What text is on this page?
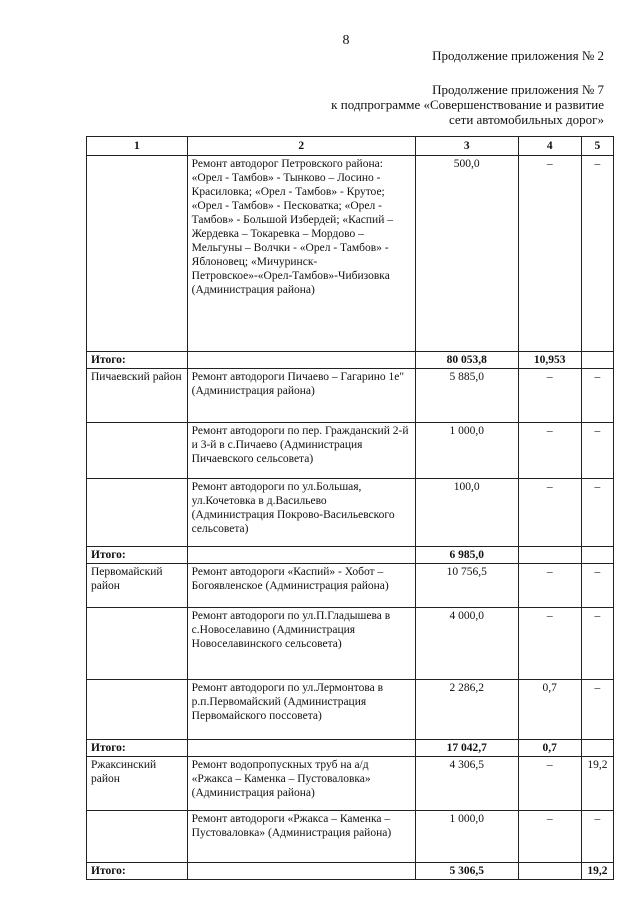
8
Продолжение приложения № 2
Продолжение приложения № 7
к подпрограмме «Совершенствование и развитие
сети автомобильных дорог»
1	2	3	4	5
	Ремонт автодорог Петровского района: «Орел - Тамбов» - Тынково – Лосино - Красиловка; «Орел - Тамбов» - Крутое; «Орел - Тамбов» - Песковатка; «Орел - Тамбов» - Большой Избердей; «Каспий – Жердевка – Токаревка – Мордово – Мельгуны – Волчки - «Орел - Тамбов» - Яблоновец; «Мичуринск-Петровское»-«Орел-Тамбов»-Чибизовка (Администрация района)	500,0	–	–
Итого:		80 053,8	10,953	
Пичаевский район	Ремонт автодороги Пичаево – Гагарино 1е" (Администрация района)	5 885,0	–	–
	Ремонт автодороги по пер. Гражданский 2-й и 3-й в с.Пичаево (Администрация Пичаевского сельсовета)	1 000,0	–	–
	Ремонт автодороги по ул.Большая, ул.Кочетовка в д.Васильево (Администрация Покрово-Васильевского сельсовета)	100,0	–	–
Итого:		6 985,0		
Первомайский район	Ремонт автодороги «Каспий» - Хобот – Богоявленское (Администрация района)	10 756,5	–	–
	Ремонт автодороги по ул.П.Гладышева в с.Новоселавино (Администрация Новоселавинского сельсовета)	4 000,0	–	–
	Ремонт автодороги по ул.Лермонтова в р.п.Первомайский (Администрация Первомайского поссовета)	2 286,2	0,7	–
Итого:		17 042,7	0,7	
Ржаксинский район	Ремонт водопропускных труб на а/д «Ржакса – Каменка – Пустоваловка» (Администрация района)	4 306,5	–	19,2
	Ремонт автодороги «Ржакса – Каменка – Пустоваловка» (Администрация района)	1 000,0	–	–
Итого:		5 306,5		19,2
